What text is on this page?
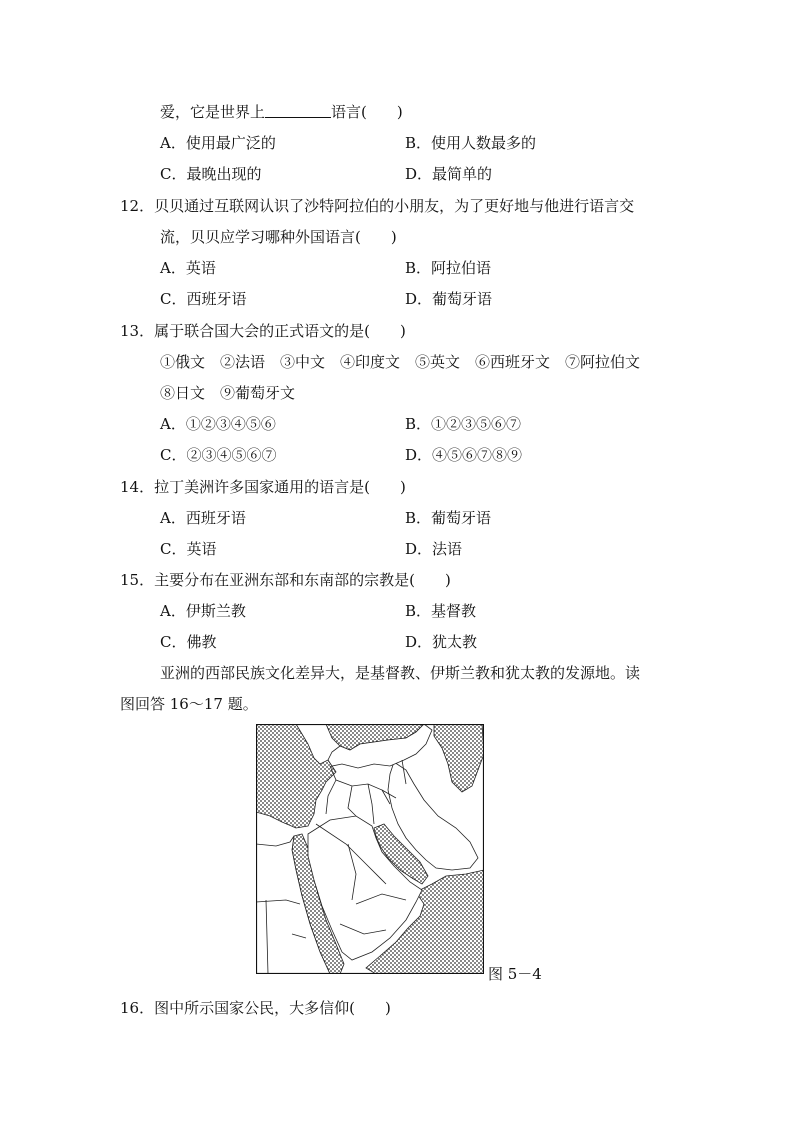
爱，它是世界上	语言(　　)
A．使用最广泛的	B．使用人数最多的
C．最晚出现的	D．最简单的
12．贝贝通过互联网认识了沙特阿拉伯的小朋友，为了更好地与他进行语言交
流，贝贝应学习哪种外国语言(　　)
A．英语	B．阿拉伯语
C．西班牙语	D．葡萄牙语
13．属于联合国大会的正式语文的是(　　)
①俄文　②法语　③中文　④印度文　⑤英文　⑥西班牙文　⑦阿拉伯文
⑧日文　⑨葡萄牙文
A．①②③④⑤⑥	B．①②③⑤⑥⑦
C．②③④⑤⑥⑦	D．④⑤⑥⑦⑧⑨
14．拉丁美洲许多国家通用的语言是(　　)
A．西班牙语	B．葡萄牙语
C．英语	D．法语
15．主要分布在亚洲东部和东南部的宗教是(　　)
A．伊斯兰教	B．基督教
C．佛教	D．犹太教
亚洲的西部民族文化差异大，是基督教、伊斯兰教和犹太教的发源地。读
图回答 16～17 题。
图 5－4
16．图中所示国家公民，大多信仰(　　)
